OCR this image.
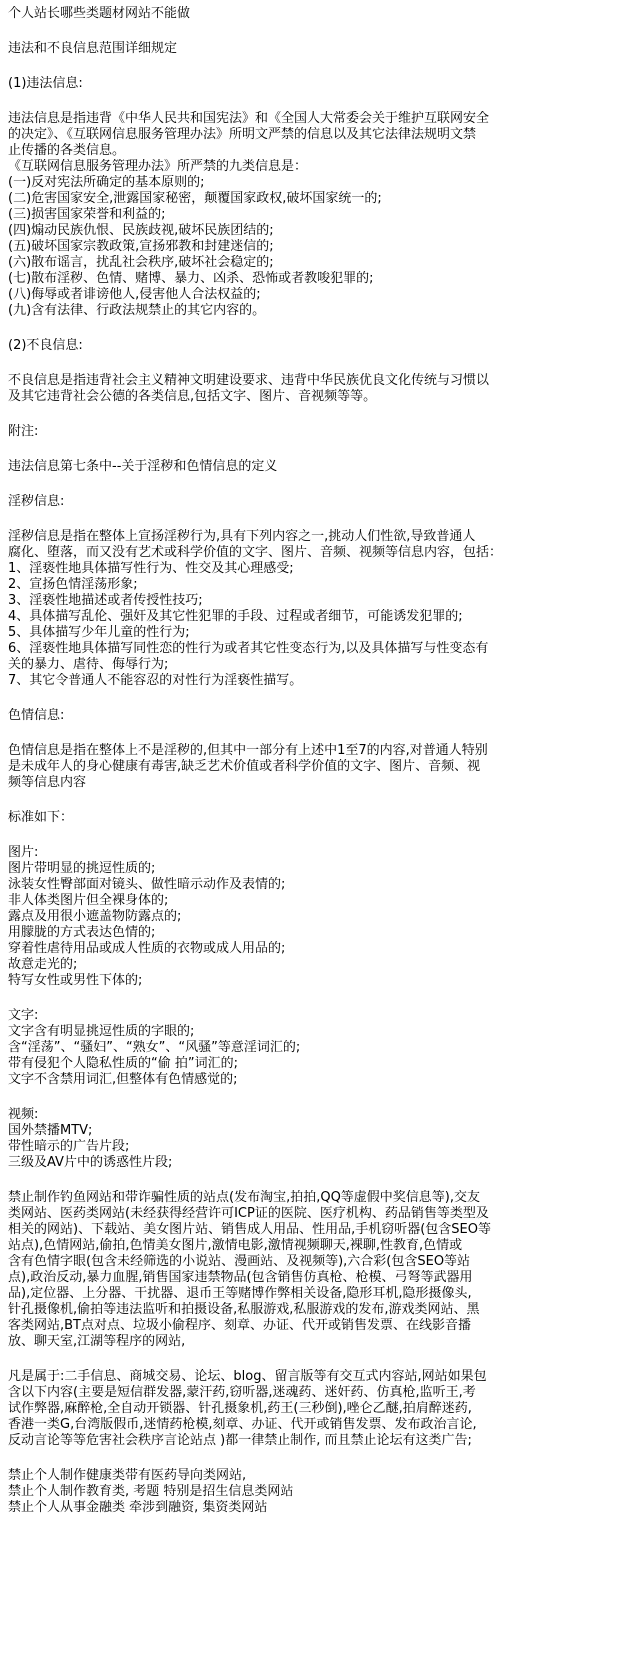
个人站长哪些类题材网站不能做
违法和不良信息范围详细规定
(1)违法信息:
违法信息是指违背《中华人民共和国宪法》和《全国人大常委会关于维护互联网安全
的决定》、《互联网信息服务管理办法》所明文严禁的信息以及其它法律法规明文禁
止传播的各类信息。
《互联网信息服务管理办法》所严禁的九类信息是：
(一)反对宪法所确定的基本原则的;
(二)危害国家安全,泄露国家秘密，颠覆国家政权,破坏国家统一的;
(三)损害国家荣誉和利益的;
(四)煽动民族仇恨、民族歧视,破坏民族团结的;
(五)破坏国家宗教政策,宣扬邪教和封建迷信的;
(六)散布谣言，扰乱社会秩序,破坏社会稳定的;
(七)散布淫秽、色情、赌博、暴力、凶杀、恐怖或者教唆犯罪的;
(八)侮辱或者诽谤他人,侵害他人合法权益的;
(九)含有法律、行政法规禁止的其它内容的。
(2)不良信息:
不良信息是指违背社会主义精神文明建设要求、违背中华民族优良文化传统与习惯以
及其它违背社会公德的各类信息,包括文字、图片、音视频等等。
附注:
违法信息第七条中--关于淫秽和色情信息的定义
淫秽信息:
淫秽信息是指在整体上宣扬淫秽行为,具有下列内容之一,挑动人们性欲,导致普通人
腐化、堕落，而又没有艺术或科学价值的文字、图片、音频、视频等信息内容，包括：
1、淫亵性地具体描写性行为、性交及其心理感受;
2、宣扬色情淫荡形象;
3、淫亵性地描述或者传授性技巧;
4、具体描写乱伦、强奸及其它性犯罪的手段、过程或者细节，可能诱发犯罪的;
5、具体描写少年儿童的性行为;
6、淫亵性地具体描写同性恋的性行为或者其它性变态行为,以及具体描写与性变态有
关的暴力、虐待、侮辱行为;
7、其它令普通人不能容忍的对性行为淫亵性描写。
色情信息:
色情信息是指在整体上不是淫秽的,但其中一部分有上述中1至7的内容,对普通人特别
是未成年人的身心健康有毒害,缺乏艺术价值或者科学价值的文字、图片、音频、视
频等信息内容
标准如下：
图片:
图片带明显的挑逗性质的;
泳装女性臀部面对镜头、做性暗示动作及表情的;
非人体类图片但全裸身体的;
露点及用很小遮盖物防露点的;
用朦胧的方式表达色情的;
穿着性虐待用品或成人性质的衣物或成人用品的;
故意走光的;
特写女性或男性下体的;
文字:
文字含有明显挑逗性质的字眼的;
含“淫荡”、“骚妇”、“熟女”、“风骚”等意淫词汇的;
带有侵犯个人隐私性质的“偷 拍”词汇的;
文字不含禁用词汇,但整体有色情感觉的;
视频:
国外禁播MTV;
带性暗示的广告片段;
三级及AV片中的诱惑性片段;
禁止制作钓鱼网站和带诈骗性质的站点(发布淘宝,拍拍,QQ等虚假中奖信息等),交友
类网站、医药类网站(未经获得经营许可ICP证的医院、医疗机构、药品销售等类型及
相关的网站)、下载站、美女图片站、销售成人用品、性用品,手机窃听器(包含SEO等
站点),色情网站,偷拍,色情美女图片,激情电影,激情视频聊天,裸聊,性教育,色情或
含有色情字眼(包含未经筛选的小说站、漫画站、及视频等),六合彩(包含SEO等站
点),政治反动,暴力血腥,销售国家违禁物品(包含销售仿真枪、枪模、弓弩等武器用
品),定位器、上分器、干扰器、退币王等赌博作弊相关设备,隐形耳机,隐形摄像头,
针孔摄像机,偷拍等违法监听和拍摄设备,私服游戏,私服游戏的发布,游戏类网站、黑
客类网站,BT点对点、垃圾小偷程序、刻章、办证、代开或销售发票、在线影音播
放、聊天室,江湖等程序的网站,
凡是属于:二手信息、商城交易、论坛、blog、留言版等有交互式内容站,网站如果包
含以下内容(主要是短信群发器,蒙汗药,窃听器,迷魂药、迷奸药、仿真枪,监听王,考
试作弊器,麻醉枪,全自动开锁器、针孔摄象机,药王(三秒倒),唑仑乙醚,拍肩醉迷药,
香港一类G,台湾版假币,迷情药枪模,刻章、办证、代开或销售发票、发布政治言论,
反动言论等等危害社会秩序言论站点 )都一律禁止制作, 而且禁止论坛有这类广告;
禁止个人制作健康类带有医药导向类网站,
禁止个人制作教育类, 考题 特别是招生信息类网站
禁止个人从事金融类 牵涉到融资, 集资类网站
